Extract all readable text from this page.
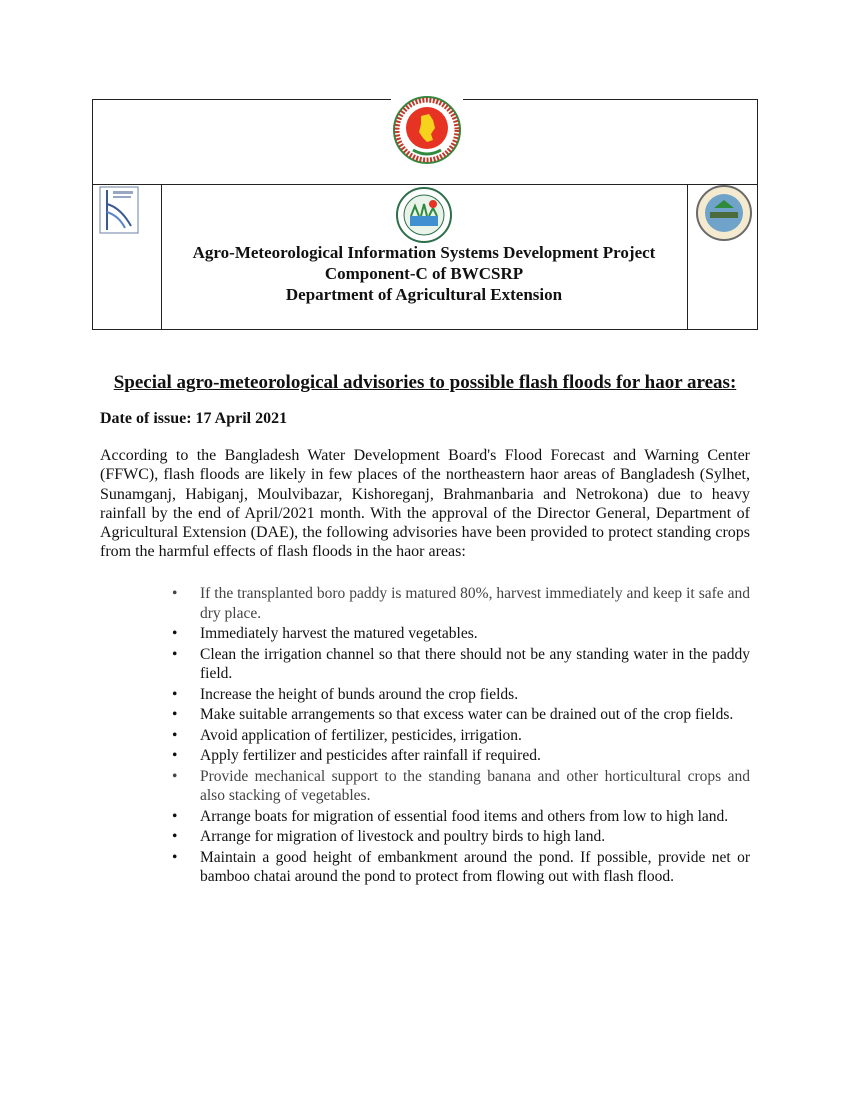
Agro-Meteorological Information Systems Development Project
Component-C of BWCSRP
Department of Agricultural Extension
Special agro-meteorological advisories to possible flash floods for haor areas:
Date of issue: 17 April 2021
According to the Bangladesh Water Development Board's Flood Forecast and Warning Center (FFWC), flash floods are likely in few places of the northeastern haor areas of Bangladesh (Sylhet, Sunamganj, Habiganj, Moulvibazar, Kishoreganj, Brahmanbaria and Netrokona) due to heavy rainfall by the end of April/2021 month. With the approval of the Director General, Department of Agricultural Extension (DAE), the following advisories have been provided to protect standing crops from the harmful effects of flash floods in the haor areas:
• If the transplanted boro paddy is matured 80%, harvest immediately and keep it safe and dry place.
• Immediately harvest the matured vegetables.
• Clean the irrigation channel so that there should not be any standing water in the paddy field.
• Increase the height of bunds around the crop fields.
• Make suitable arrangements so that excess water can be drained out of the crop fields.
• Avoid application of fertilizer, pesticides, irrigation.
• Apply fertilizer and pesticides after rainfall if required.
• Provide mechanical support to the standing banana and other horticultural crops and also stacking of vegetables.
• Arrange boats for migration of essential food items and others from low to high land.
• Arrange for migration of livestock and poultry birds to high land.
• Maintain a good height of embankment around the pond. If possible, provide net or bamboo chatai around the pond to protect from flowing out with flash flood.
